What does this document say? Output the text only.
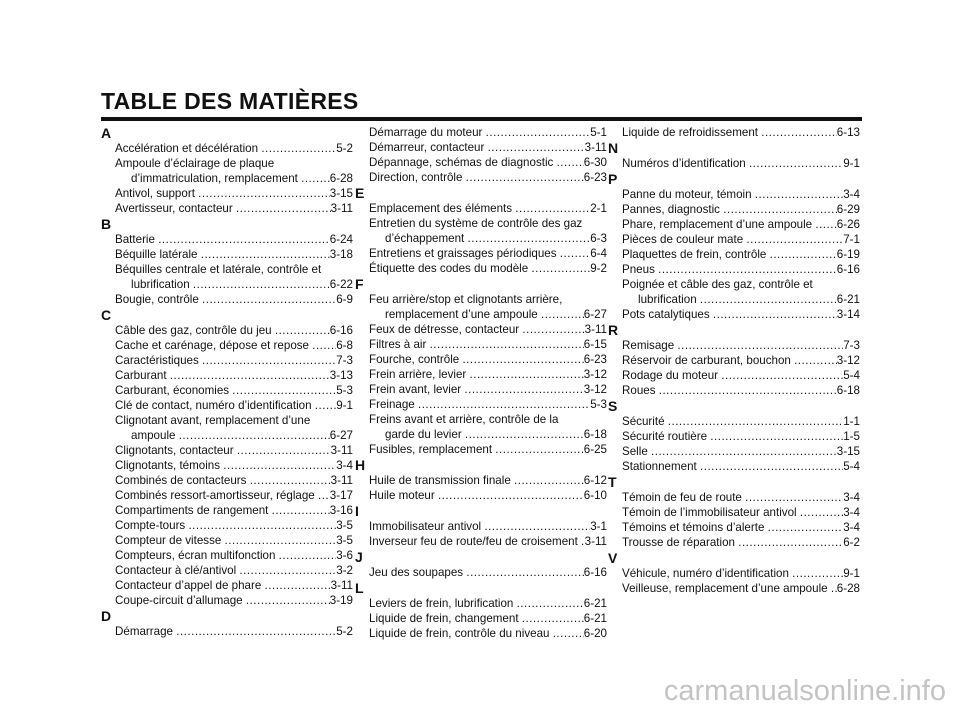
TABLE DES MATIÈRES
A
Accélération et décélération .....	5-2
Ampoule d’éclairage de plaque
d’immatriculation, remplacement ..... 6-28
Antivol, support .....	3-15
Avertisseur, contacteur .....	3-11
B
Batterie .....	6-24
Béquille latérale .....	3-18
Béquilles centrale et latérale, contrôle et
lubrification .....	6-22
Bougie, contrôle .....	6-9
C
Câble des gaz, contrôle du jeu .....	6-16
Cache et carénage, dépose et repose ..... 6-8
Caractéristiques .....	7-3
Carburant .....	3-13
Carburant, économies .....	5-3
Clé de contact, numéro d’identification ..... 9-1
Clignotant avant, remplacement d’une
ampoule .....	6-27
Clignotants, contacteur .....	3-11
Clignotants, témoins .....	3-4
Combinés de contacteurs .....	3-11
Combinés ressort-amortisseur, réglage ..... 3-17
Compartiments de rangement .....	3-16
Compte-tours .....	3-5
Compteur de vitesse .....	3-5
Compteurs, écran multifonction .....	3-6
Contacteur à clé/antivol .....	3-2
Contacteur d’appel de phare .....	3-11
Coupe-circuit d’allumage .....	3-19
D
Démarrage .....	5-2
Démarrage du moteur .....	5-1
Démarreur, contacteur .....	3-11
Dépannage, schémas de diagnostic ..... 6-30
Direction, contrôle .....	6-23
E
Emplacement des éléments .....	2-1
Entretien du système de contrôle des gaz
d’échappement .....	6-3
Entretiens et graissages périodiques .....	6-4
Étiquette des codes du modèle .....	9-2
F
Feu arrière/stop et clignotants arrière,
remplacement d’une ampoule .....	6-27
Feux de détresse, contacteur .....	3-11
Filtres à air .....	6-15
Fourche, contrôle .....	6-23
Frein arrière, levier .....	3-12
Frein avant, levier .....	3-12
Freinage .....	5-3
Freins avant et arrière, contrôle de la
garde du levier .....	6-18
Fusibles, remplacement .....	6-25
H
Huile de transmission finale .....	6-12
Huile moteur .....	6-10
I
Immobilisateur antivol .....	3-1
Inverseur feu de route/feu de croisement ..... 3-11
J
Jeu des soupapes .....	6-16
L
Leviers de frein, lubrification .....	6-21
Liquide de frein, changement .....	6-21
Liquide de frein, contrôle du niveau .....	6-20
Liquide de refroidissement .....	6-13
N
Numéros d’identification .....	9-1
P
Panne du moteur, témoin .....	3-4
Pannes, diagnostic .....	6-29
Phare, remplacement d’une ampoule ..... 6-26
Pièces de couleur mate .....	7-1
Plaquettes de frein, contrôle .....	6-19
Pneus .....	6-16
Poignée et câble des gaz, contrôle et
lubrification .....	6-21
Pots catalytiques .....	3-14
R
Remisage .....	7-3
Réservoir de carburant, bouchon .....	3-12
Rodage du moteur .....	5-4
Roues .....	6-18
S
Sécurité .....	1-1
Sécurité routière .....	1-5
Selle .....	3-15
Stationnement .....	5-4
T
Témoin de feu de route .....	3-4
Témoin de l’immobilisateur antivol .....	3-4
Témoins et témoins d’alerte .....	3-4
Trousse de réparation .....	6-2
V
Véhicule, numéro d’identification .....	9-1
Veilleuse, remplacement d’une ampoule ..... 6-28
carmanualsonline.info
